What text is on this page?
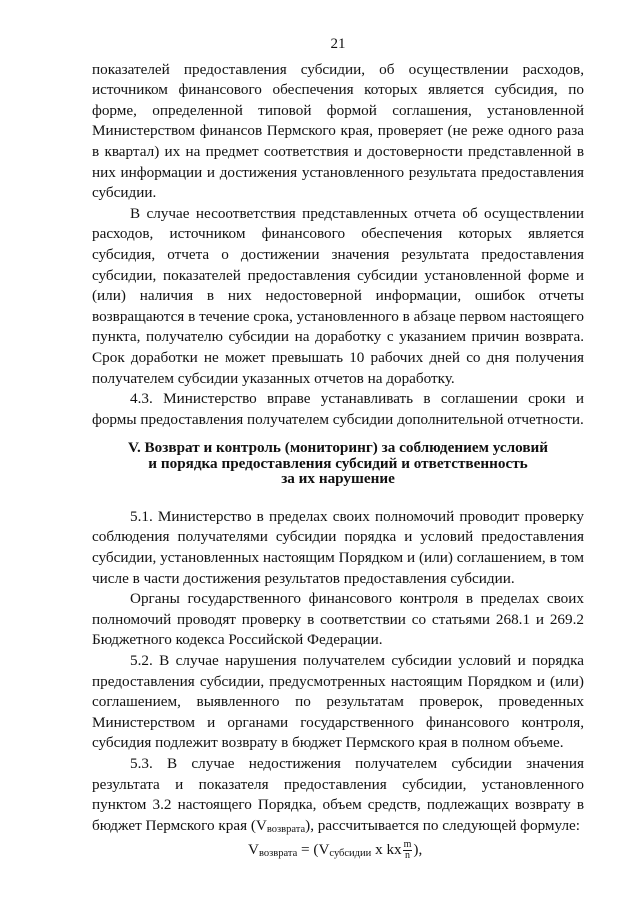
21

показателей предоставления субсидии, об осуществлении расходов, источником финансового обеспечения которых является субсидия, по форме, определенной типовой формой соглашения, установленной Министерством финансов Пермского края, проверяет (не реже одного раза в квартал) их на предмет соответствия и достоверности представленной в них информации и достижения установленного результата предоставления субсидии.

В случае несоответствия представленных отчета об осуществлении расходов, источником финансового обеспечения которых является субсидия, отчета о достижении значения результата предоставления субсидии, показателей предоставления субсидии установленной форме и (или) наличия в них недостоверной информации, ошибок отчеты возвращаются в течение срока, установленного в абзаце первом настоящего пункта, получателю субсидии на доработку с указанием причин возврата. Срок доработки не может превышать 10 рабочих дней со дня получения получателем субсидии указанных отчетов на доработку.

4.3. Министерство вправе устанавливать в соглашении сроки и формы предоставления получателем субсидии дополнительной отчетности.

V. Возврат и контроль (мониторинг) за соблюдением условий
и порядка предоставления субсидий и ответственность
за их нарушение

5.1. Министерство в пределах своих полномочий проводит проверку соблюдения получателями субсидии порядка и условий предоставления субсидии, установленных настоящим Порядком и (или) соглашением, в том числе в части достижения результатов предоставления субсидии.

Органы государственного финансового контроля в пределах своих полномочий проводят проверку в соответствии со статьями 268.1 и 269.2 Бюджетного кодекса Российской Федерации.

5.2. В случае нарушения получателем субсидии условий и порядка предоставления субсидии, предусмотренных настоящим Порядком и (или) соглашением, выявленного по результатам проверок, проведенных Министерством и органами государственного финансового контроля, субсидия подлежит возврату в бюджет Пермского края в полном объеме.

5.3. В случае недостижения получателем субсидии значения результата и показателя предоставления субсидии, установленного пунктом 3.2 настоящего Порядка, объем средств, подлежащих возврату в бюджет Пермского края (Vвозврата), рассчитывается по следующей формуле:

Vвозврата = (Vсубсидии x kx $\frac{m}{n}$ ),
